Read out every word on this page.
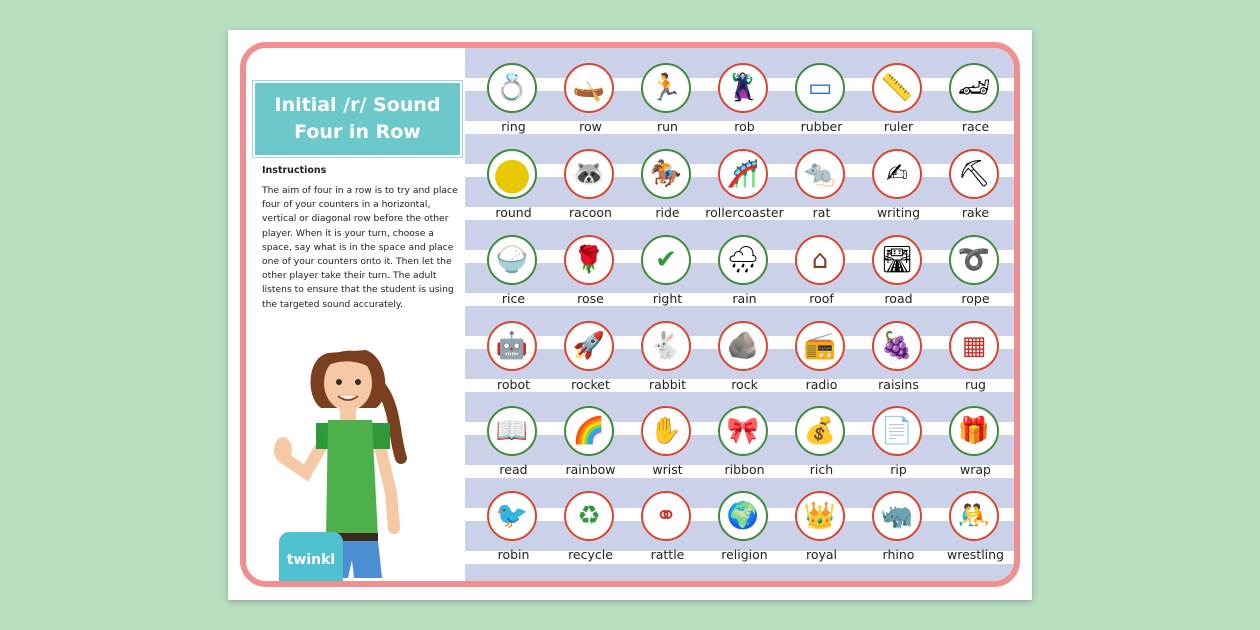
Initial /r/ Sound
Four in Row
Instructions
The aim of four in a row is to try and place four of your counters in a horizontal, vertical or diagonal row before the other player. When it is your turn, choose a space, say what is in the space and place one of your counters onto it. Then let the other player take their turn. The adult listens to ensure that the student is using the targeted sound accurately.
twinkl
💍
ring
🛶
row
🏃
run
🦹
rob
▭
rubber
📏
ruler
🏎
race
●
round
🦝
racoon
🏇
ride
🎢
rollercoaster
🐀
rat
✍
writing
⛏
rake
🍚
rice
🌹
rose
✔
right
🌧
rain
⌂
roof
🛣
road
➰
rope
🤖
robot
🚀
rocket
🐇
rabbit
🪨
rock
📻
radio
🍇
raisins
▦
rug
📖
read
🌈
rainbow
✋
wrist
🎀
ribbon
💰
rich
📄
rip
🎁
wrap
🐦
robin
♻
recycle
⚭
rattle
🌍
religion
👑
royal
🦏
rhino
🤼
wrestling
